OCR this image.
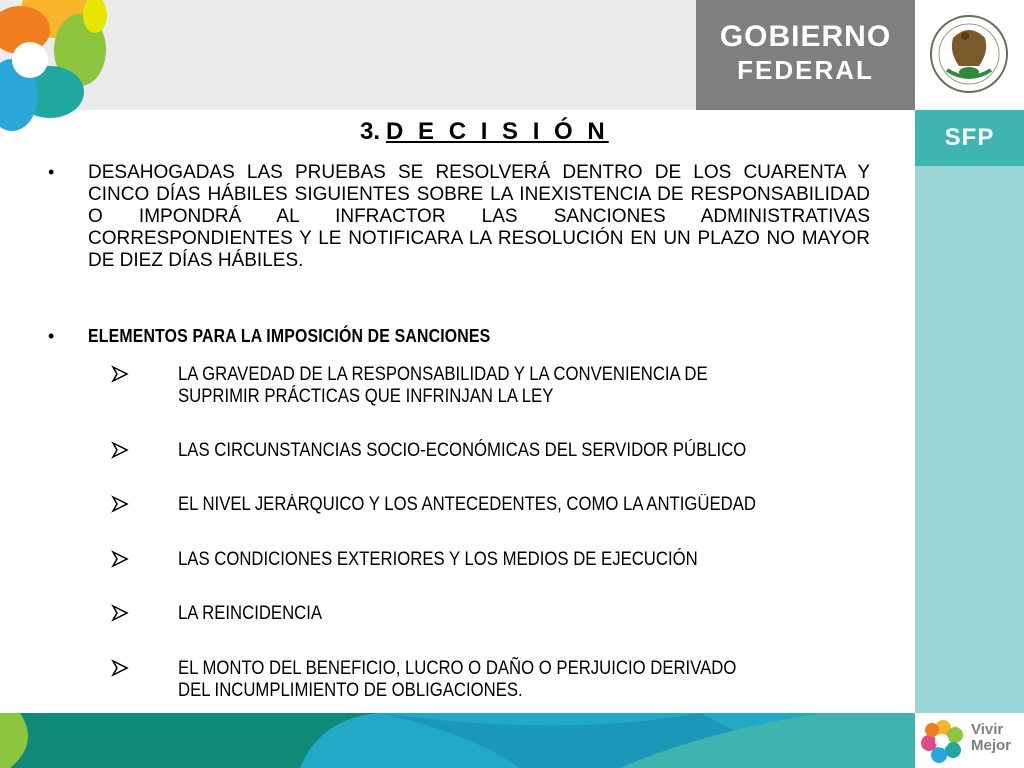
GOBIERNO
FEDERAL
SFP
3. D E C I S I Ó N
• DESAHOGADAS LAS PRUEBAS SE RESOLVERÁ DENTRO DE LOS CUARENTA Y CINCO DÍAS HÁBILES SIGUIENTES SOBRE LA INEXISTENCIA DE RESPONSABILIDAD O IMPONDRÁ AL INFRACTOR LAS SANCIONES ADMINISTRATIVAS CORRESPONDIENTES Y LE NOTIFICARA LA RESOLUCIÓN EN UN PLAZO NO MAYOR DE DIEZ DÍAS HÁBILES.
• ELEMENTOS PARA LA IMPOSICIÓN DE SANCIONES
LA GRAVEDAD DE LA RESPONSABILIDAD Y LA CONVENIENCIA DE
SUPRIMIR PRÁCTICAS QUE INFRINJAN LA LEY
LAS CIRCUNSTANCIAS SOCIO-ECONÓMICAS DEL SERVIDOR PÚBLICO
EL NIVEL JERÁRQUICO Y LOS ANTECEDENTES, COMO LA ANTIGÜEDAD
LAS CONDICIONES EXTERIORES Y LOS MEDIOS DE EJECUCIÓN
LA REINCIDENCIA
EL MONTO DEL BENEFICIO, LUCRO O DAÑO O PERJUICIO DERIVADO
DEL INCUMPLIMIENTO DE OBLIGACIONES.
Vivir
Mejor
